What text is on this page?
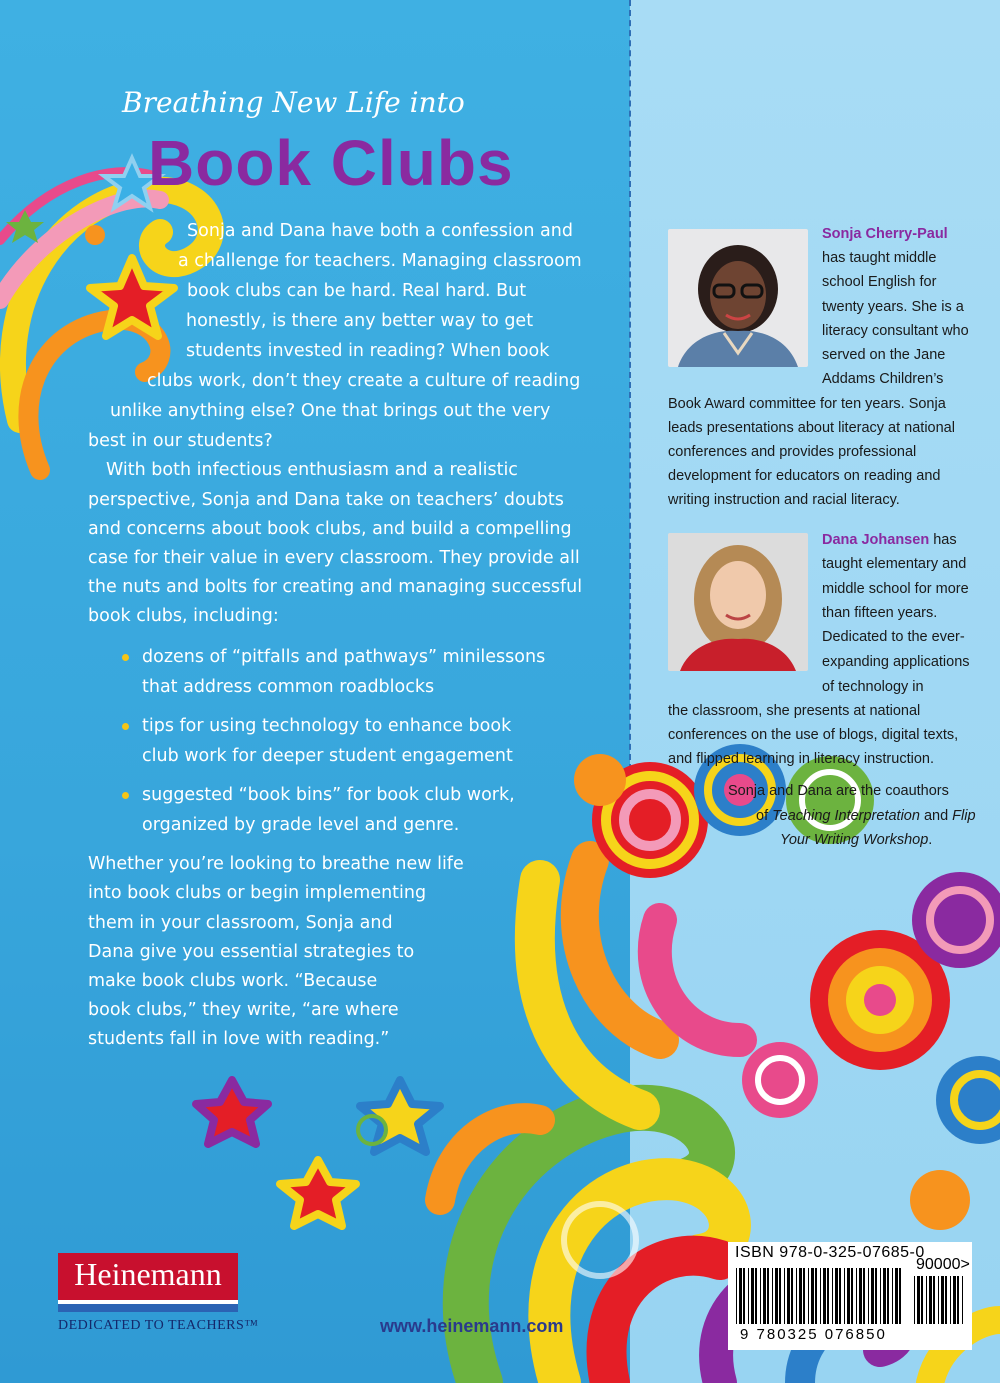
Breathing New Life into
Book Clubs
Sonja and Dana have both a confession and
a challenge for teachers. Managing classroom
book clubs can be hard. Real hard. But
honestly, is there any better way to get
students invested in reading? When book
clubs work, don’t they create a culture of reading
unlike anything else? One that brings out the very
best in our students?
With both infectious enthusiasm and a realistic
perspective, Sonja and Dana take on teachers’ doubts
and concerns about book clubs, and build a compelling
case for their value in every classroom. They provide all
the nuts and bolts for creating and managing successful
book clubs, including:
dozens of “pitfalls and pathways” minilessons
that address common roadblocks
tips for using technology to enhance book
club work for deeper student engagement
suggested “book bins” for book club work,
organized by grade level and genre.
Whether you’re looking to breathe new life
into book clubs or begin implementing
them in your classroom, Sonja and
Dana give you essential strategies to
make book clubs work. “Because
book clubs,” they write, “are where
students fall in love with reading.”
Sonja Cherry-Paul
has taught middle
school English for
twenty years. She is a
literacy consultant who
served on the Jane
Addams Children’s
Book Award committee for ten years. Sonja
leads presentations about literacy at national
conferences and provides professional
development for educators on reading and
writing instruction and racial literacy.
Dana Johansen has
taught elementary and
middle school for more
than fifteen years.
Dedicated to the ever-
expanding applications
of technology in
the classroom, she presents at national
conferences on the use of blogs, digital texts,
and flipped learning in literacy instruction.
Sonja and Dana are the coauthors
of Teaching Interpretation and Flip
Your Writing Workshop.
ISBN 978-0-325-07685-0
90000>
9 780325 076850
Heinemann
DEDICATED TO TEACHERS™	www.heinemann.com
